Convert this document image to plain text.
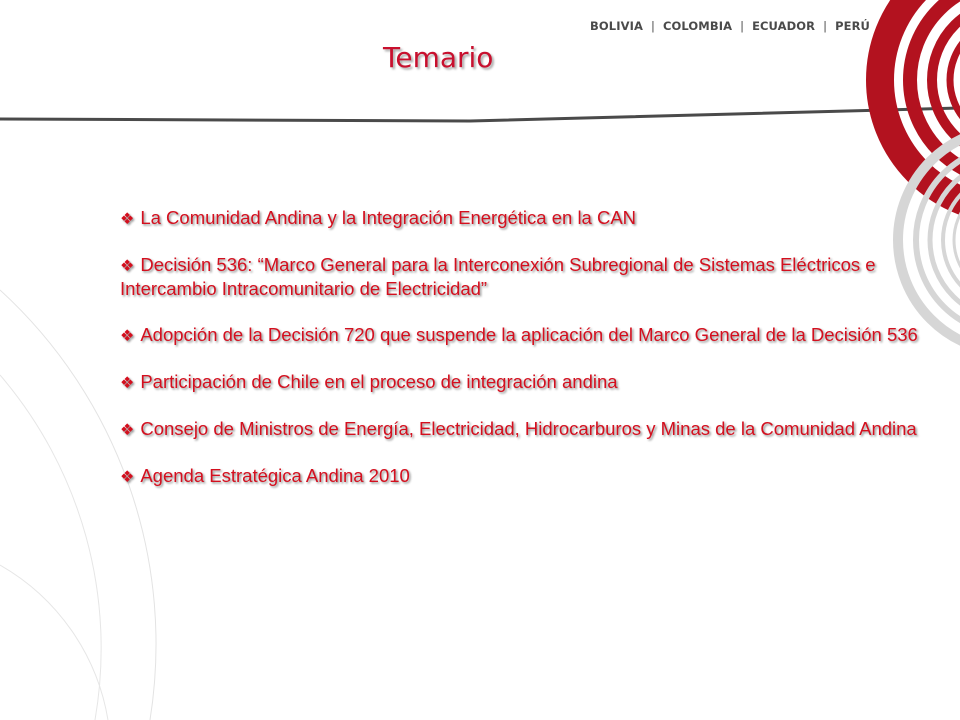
BOLIVIA | COLOMBIA | ECUADOR | PERÚ
Temario
❖ La Comunidad Andina y la Integración Energética en la CAN
❖ Decisión 536: “Marco General para la Interconexión Subregional de Sistemas Eléctricos e Intercambio Intracomunitario de Electricidad”
❖ Adopción de la Decisión 720 que suspende la aplicación del Marco General de la Decisión 536
❖ Participación de Chile en el proceso de integración andina
❖ Consejo de Ministros de Energía, Electricidad, Hidrocarburos y Minas de la Comunidad Andina
❖ Agenda Estratégica Andina 2010
